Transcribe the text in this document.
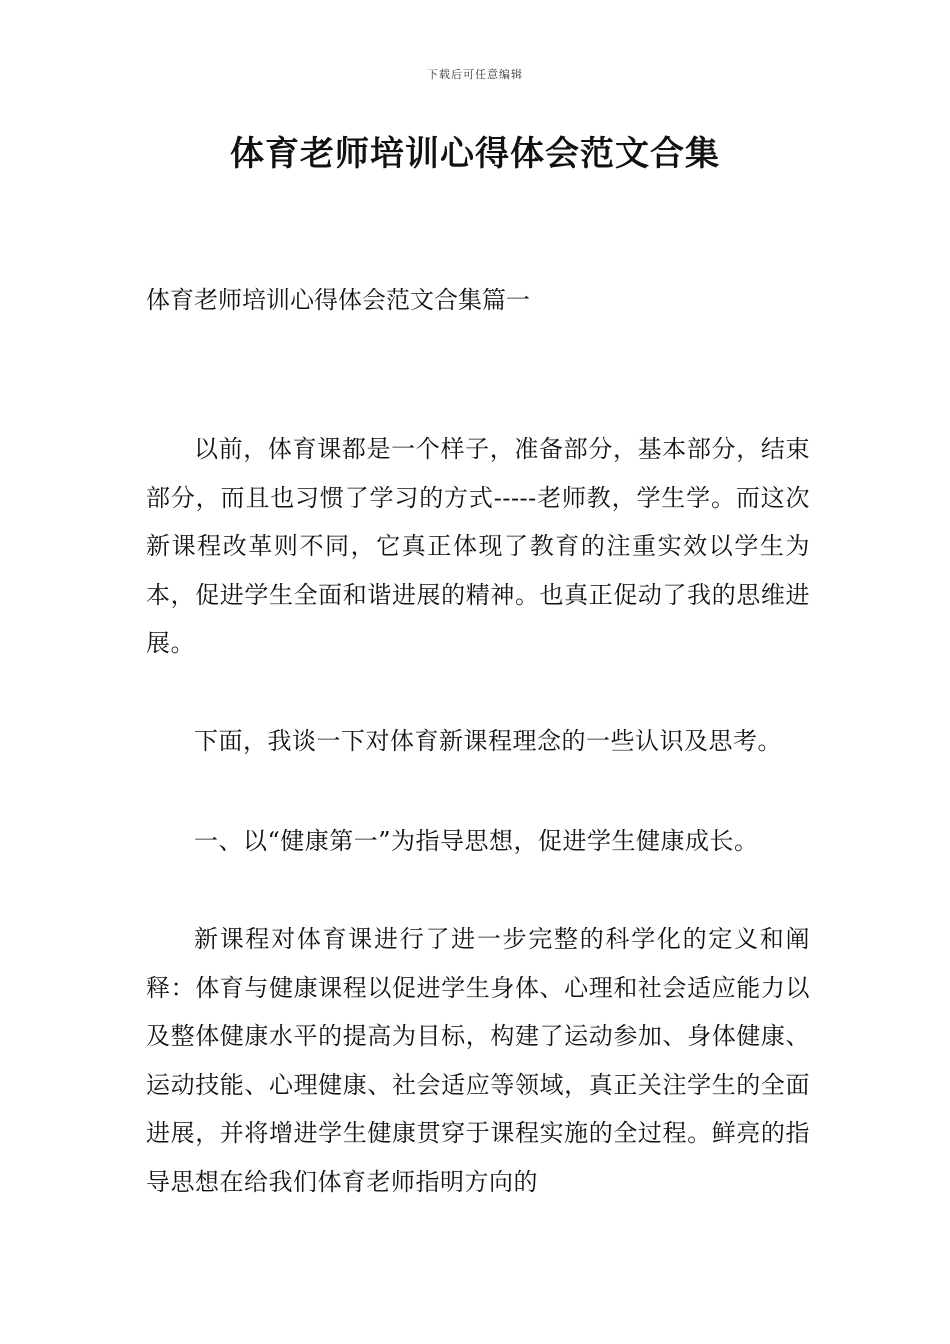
下载后可任意编辑
体育老师培训心得体会范文合集
体育老师培训心得体会范文合集篇一

以前，体育课都是一个样子，准备部分，基本部分，结束部分，而且也习惯了学习的方式-----老师教，学生学。而这次新课程改革则不同，它真正体现了教育的注重实效以学生为本，促进学生全面和谐进展的精神。也真正促动了我的思维进展。

下面，我谈一下对体育新课程理念的一些认识及思考。

一、以“健康第一”为指导思想，促进学生健康成长。

新课程对体育课进行了进一步完整的科学化的定义和阐释：体育与健康课程以促进学生身体、心理和社会适应能力以及整体健康水平的提高为目标，构建了运动参加、身体健康、运动技能、心理健康、社会适应等领域，真正关注学生的全面进展，并将增进学生健康贯穿于课程实施的全过程。鲜亮的指导思想在给我们体育老师指明方向的
